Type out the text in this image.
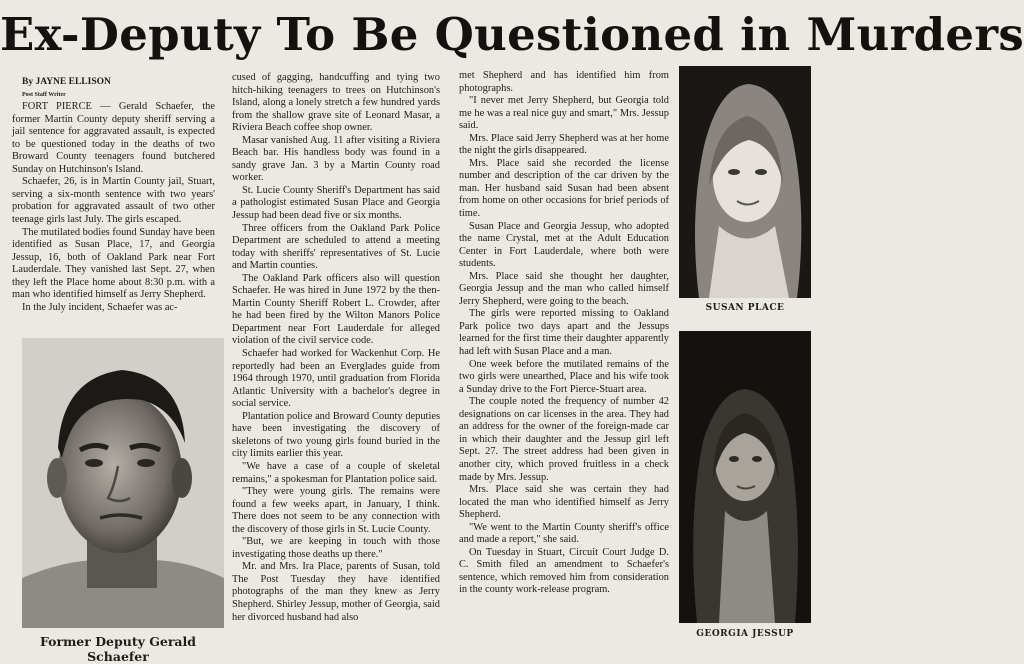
Ex-Deputy To Be Questioned in Murders

By JAYNE ELLISON

Post Staff Writer

FORT PIERCE — Gerald Schaefer, the former Martin County deputy sheriff serving a jail sentence for aggravated assault, is expected to be questioned today in the deaths of two Broward County teenagers found butchered Sunday on Hutchinson's Island.

Schaefer, 26, is in Martin County jail, Stuart, serving a six-month sentence with two years' probation for aggravated assault of two other teenage girls last July. The girls escaped.

The mutilated bodies found Sunday have been identified as Susan Place, 17, and Georgia Jessup, 16, both of Oakland Park near Fort Lauderdale. They vanished last Sept. 27, when they left the Place home about 8:30 p.m. with a man who identified himself as Jerry Shepherd.

In the July incident, Schaefer was ac-

Former Deputy Gerald Schaefer

cused of gagging, handcuffing and tying two hitch-hiking teenagers to trees on Hutchinson's Island, along a lonely stretch a few hundred yards from the shallow grave site of Leonard Masar, a Riviera Beach coffee shop owner.

Masar vanished Aug. 11 after visiting a Riviera Beach bar. His handless body was found in a sandy grave Jan. 3 by a Martin County road worker.

St. Lucie County Sheriff's Department has said a pathologist estimated Susan Place and Georgia Jessup had been dead five or six months.

Three officers from the Oakland Park Police Department are scheduled to attend a meeting today with sheriffs' representatives of St. Lucie and Martin counties.

The Oakland Park officers also will question Schaefer. He was hired in June 1972 by the then-Martin County Sheriff Robert L. Crowder, after he had been fired by the Wilton Manors Police Department near Fort Lauderdale for alleged violation of the civil service code.

Schaefer had worked for Wackenhut Corp. He reportedly had been an Everglades guide from 1964 through 1970, until graduation from Florida Atlantic University with a bachelor's degree in social service.

Plantation police and Broward County deputies have been investigating the discovery of skeletons of two young girls found buried in the city limits earlier this year.

"We have a case of a couple of skeletal remains," a spokesman for Plantation police said.

"They were young girls. The remains were found a few weeks apart, in January, I think. There does not seem to be any connection with the discovery of those girls in St. Lucie County.

"But, we are keeping in touch with those investigating those deaths up there."

Mr. and Mrs. Ira Place, parents of Susan, told The Post Tuesday they have identified photographs of the man they knew as Jerry Shepherd. Shirley Jessup, mother of Georgia, said her divorced husband had also

met Shepherd and has identified him from photographs.

"I never met Jerry Shepherd, but Georgia told me he was a real nice guy and smart," Mrs. Jessup said.

Mrs. Place said Jerry Shepherd was at her home the night the girls disappeared.

Mrs. Place said she recorded the license number and description of the car driven by the man. Her husband said Susan had been absent from home on other occasions for brief periods of time.

Susan Place and Georgia Jessup, who adopted the name Crystal, met at the Adult Education Center in Fort Lauderdale, where both were students.

Mrs. Place said she thought her daughter, Georgia Jessup and the man who called himself Jerry Shepherd, were going to the beach.

The girls were reported missing to Oakland Park police two days apart and the Jessups learned for the first time their daughter apparently had left with Susan Place and a man.

One week before the mutilated remains of the two girls were unearthed, Place and his wife took a Sunday drive to the Fort Pierce-Stuart area.

The couple noted the frequency of number 42 designations on car licenses in the area. They had an address for the owner of the foreign-made car in which their daughter and the Jessup girl left Sept. 27. The street address had been given in another city, which proved fruitless in a check made by Mrs. Jessup.

Mrs. Place said she was certain they had located the man who identified himself as Jerry Shepherd.

"We went to the Martin County sheriff's office and made a report," she said.

On Tuesday in Stuart, Circuit Court Judge D. C. Smith filed an amendment to Schaefer's sentence, which removed him from consideration in the county work-release program.

SUSAN PLACE
GEORGIA JESSUP
